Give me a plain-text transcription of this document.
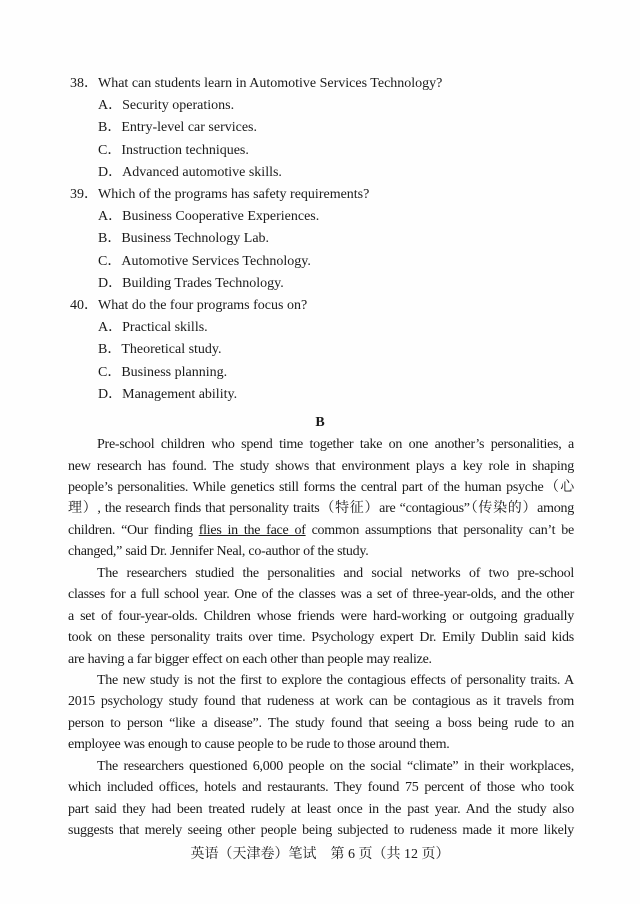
38．What can students learn in Automotive Services Technology?
A．Security operations.
B．Entry-level car services.
C．Instruction techniques.
D．Advanced automotive skills.
39．Which of the programs has safety requirements?
A．Business Cooperative Experiences.
B．Business Technology Lab.
C．Automotive Services Technology.
D．Building Trades Technology.
40．What do the four programs focus on?
A．Practical skills.
B．Theoretical study.
C．Business planning.
D．Management ability.
B
Pre-school children who spend time together take on one another’s personalities, a
new research has found. The study shows that environment plays a key role in shaping
people’s personalities. While genetics still forms the central part of the human psyche（心
理）, the research finds that personality traits（特征）are “contagious”（传染的）among
children. “Our finding flies in the face of common assumptions that personality can’t be
changed,” said Dr. Jennifer Neal, co-author of the study.
The researchers studied the personalities and social networks of two pre-school
classes for a full school year. One of the classes was a set of three-year-olds, and the other
a set of four-year-olds. Children whose friends were hard-working or outgoing gradually
took on these personality traits over time. Psychology expert Dr. Emily Dublin said kids
are having a far bigger effect on each other than people may realize.
The new study is not the first to explore the contagious effects of personality traits. A
2015 psychology study found that rudeness at work can be contagious as it travels from
person to person “like a disease”. The study found that seeing a boss being rude to an
employee was enough to cause people to be rude to those around them.
The researchers questioned 6,000 people on the social “climate” in their workplaces,
which included offices, hotels and restaurants. They found 75 percent of those who took
part said they had been treated rudely at least once in the past year. And the study also
suggests that merely seeing other people being subjected to rudeness made it more likely
英语（天津卷）笔试　第 6 页（共 12 页）
